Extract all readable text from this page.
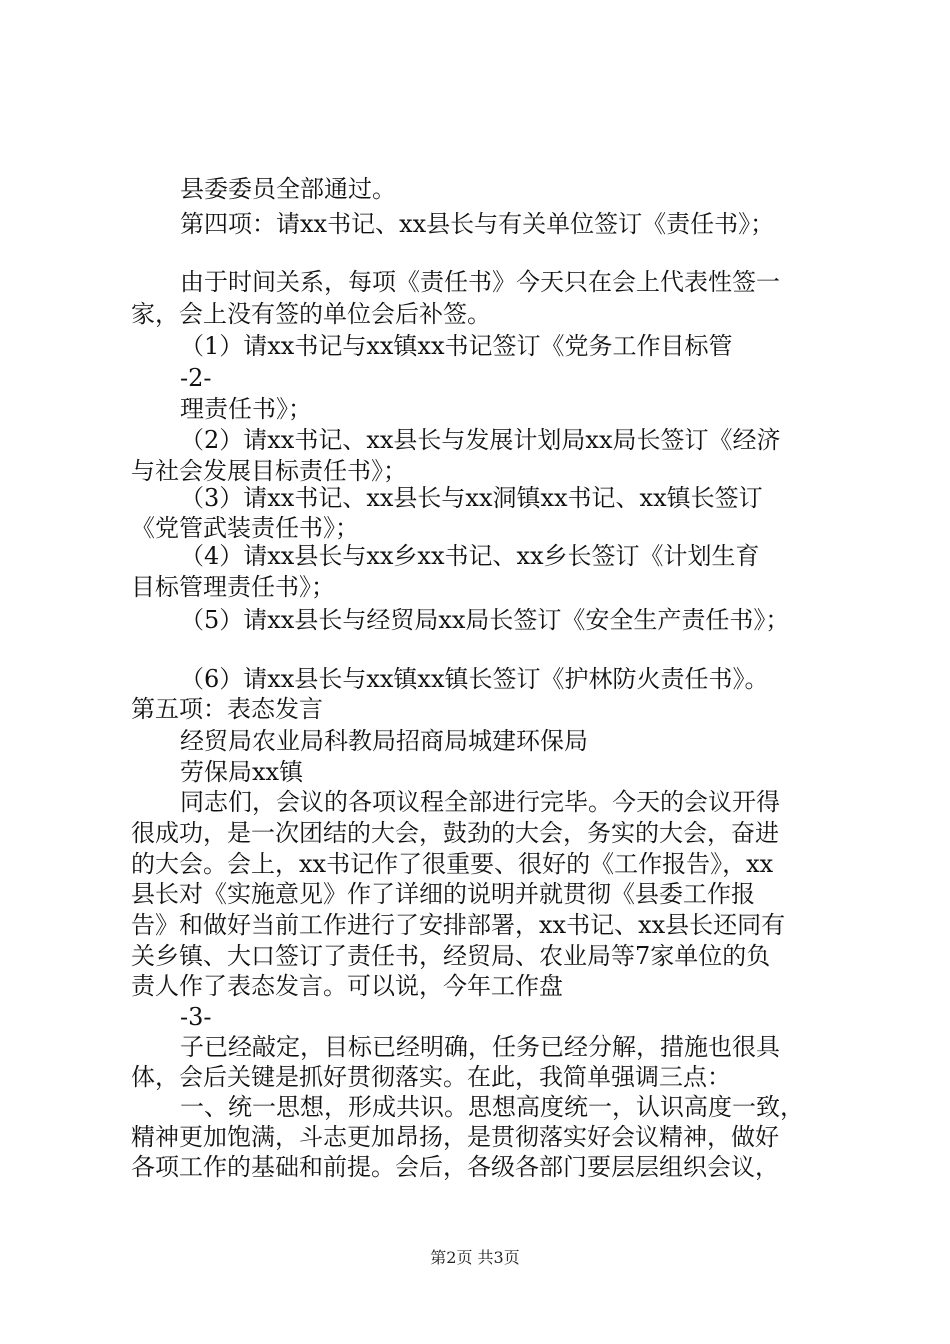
县委委员全部通过。
第四项：请xx书记、xx县长与有关单位签订《责任书》；
由于时间关系，每项《责任书》今天只在会上代表性签一
家，会上没有签的单位会后补签。
（1）请xx书记与xx镇xx书记签订《党务工作目标管
-2-
理责任书》；
（2）请xx书记、xx县长与发展计划局xx局长签订《经济
与社会发展目标责任书》；
（3）请xx书记、xx县长与xx洞镇xx书记、xx镇长签订
《党管武装责任书》；
（4）请xx县长与xx乡xx书记、xx乡长签订《计划生育
目标管理责任书》；
（5）请xx县长与经贸局xx局长签订《安全生产责任书》；
（6）请xx县长与xx镇xx镇长签订《护林防火责任书》。
第五项：表态发言
经贸局农业局科教局招商局城建环保局
劳保局xx镇
同志们，会议的各项议程全部进行完毕。今天的会议开得
很成功，是一次团结的大会，鼓劲的大会，务实的大会，奋进
的大会。会上，xx书记作了很重要、很好的《工作报告》，xx
县长对《实施意见》作了详细的说明并就贯彻《县委工作报
告》和做好当前工作进行了安排部署，xx书记、xx县长还同有
关乡镇、大口签订了责任书，经贸局、农业局等7家单位的负
责人作了表态发言。可以说，今年工作盘
-3-
子已经敲定，目标已经明确，任务已经分解，措施也很具
体，会后关键是抓好贯彻落实。在此，我简单强调三点：
一、统一思想，形成共识。思想高度统一，认识高度一致，
精神更加饱满，斗志更加昂扬，是贯彻落实好会议精神，做好
各项工作的基础和前提。会后，各级各部门要层层组织会议，
第2页 共3页
